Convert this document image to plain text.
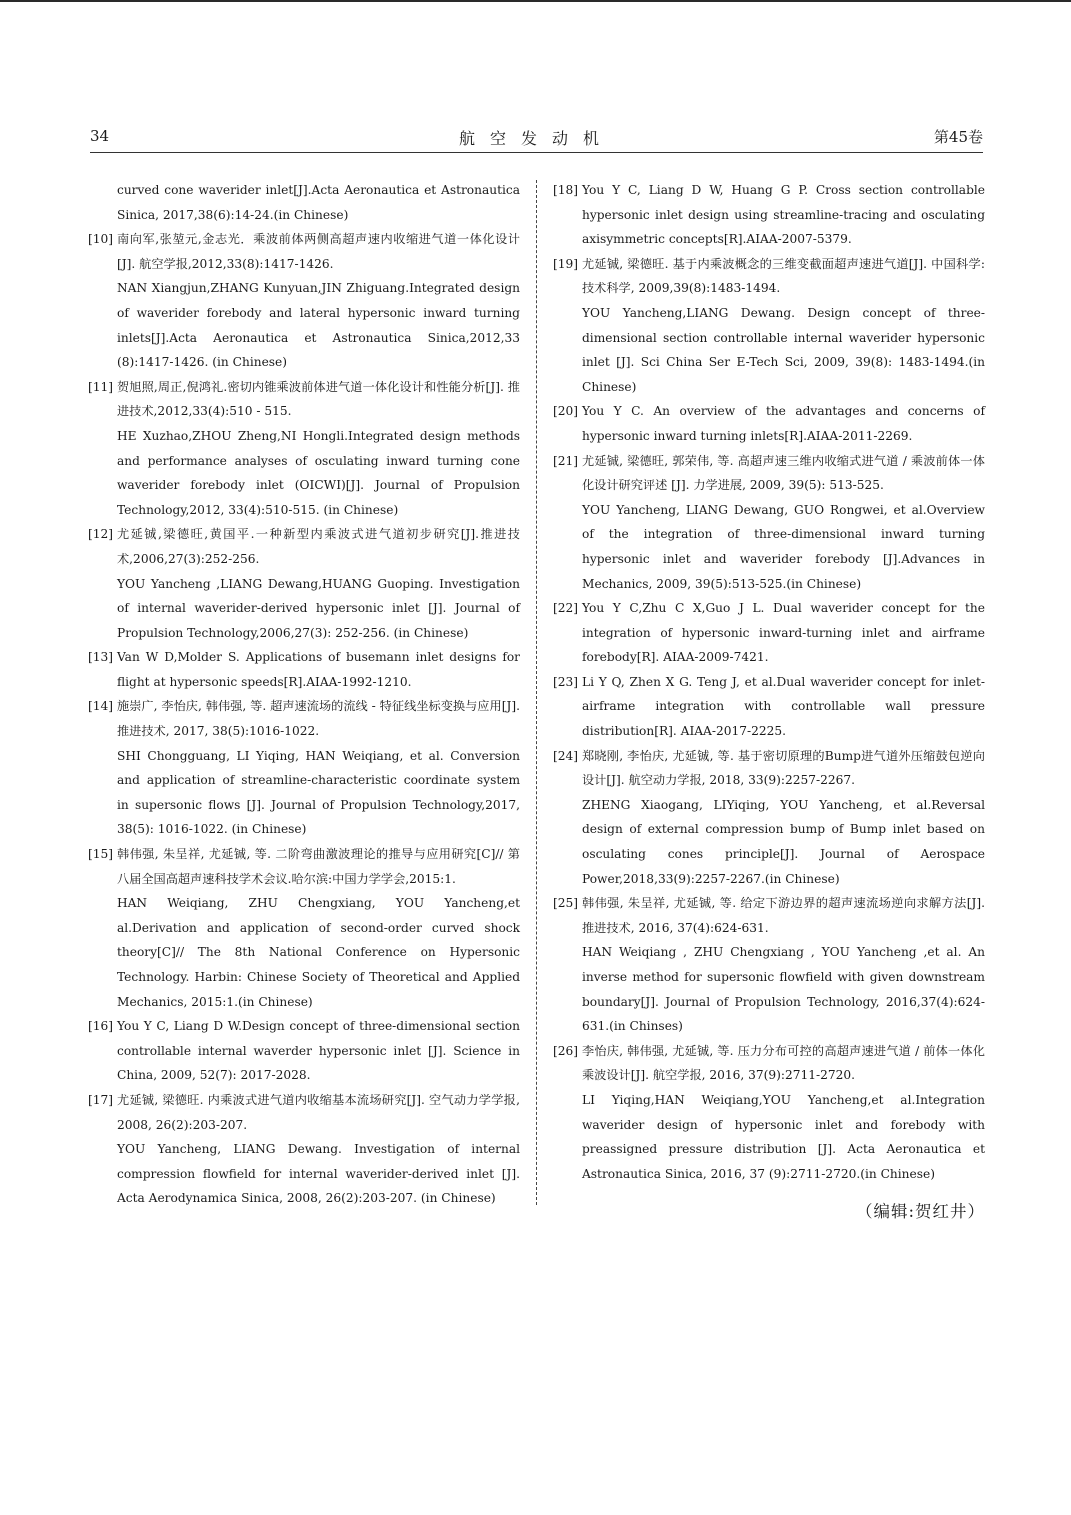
34	航空发动机	第45卷
curved cone waverider inlet[J].Acta Aeronautica et Astronautica Sinica, 2017,38(6):14-24.(in Chinese)
[10] 南向军,张堃元,金志光．乘波前体两侧高超声速内收缩进气道一体化设计[J]. 航空学报,2012,33(8):1417-1426.
NAN Xiangjun,ZHANG Kunyuan,JIN Zhiguang.Integrated design of waverider forebody and lateral hypersonic inward turning inlets[J].Acta Aeronautica et Astronautica Sinica,2012,33 (8):1417-1426. (in Chinese)
[11] 贺旭照,周正,倪鸿礼.密切内锥乘波前体进气道一体化设计和性能分析[J]. 推进技术,2012,33(4):510 - 515.
HE Xuzhao,ZHOU Zheng,NI Hongli.Integrated design methods and performance analyses of osculating inward turning cone waverider forebody inlet (OICWI)[J]. Journal of Propulsion Technology,2012, 33(4):510-515. (in Chinese)
[12] 尤延铖,梁德旺,黄国平.一种新型内乘波式进气道初步研究[J].推进技术,2006,27(3):252-256.
YOU Yancheng ,LIANG Dewang,HUANG Guoping. Investigation of internal waverider-derived hypersonic inlet [J]. Journal of Propulsion Technology,2006,27(3): 252-256. (in Chinese)
[13] Van W D,Molder S. Applications of busemann inlet designs for flight at hypersonic speeds[R].AIAA-1992-1210.
[14] 施崇广, 李怡庆, 韩伟强, 等. 超声速流场的流线 - 特征线坐标变换与应用[J]. 推进技术, 2017, 38(5):1016-1022.
SHI Chongguang, LI Yiqing, HAN Weiqiang, et al. Conversion and application of streamline-characteristic coordinate system in supersonic flows [J]. Journal of Propulsion Technology,2017, 38(5): 1016-1022. (in Chinese)
[15] 韩伟强, 朱呈祥, 尤延铖, 等. 二阶弯曲激波理论的推导与应用研究[C]// 第八届全国高超声速科技学术会议.哈尔滨:中国力学学会,2015:1.
HAN Weiqiang, ZHU Chengxiang, YOU Yancheng,et al.Derivation and application of second-order curved shock theory[C]// The 8th National Conference on Hypersonic Technology. Harbin: Chinese Society of Theoretical and Applied Mechanics, 2015:1.(in Chinese)
[16] You Y C, Liang D W.Design concept of three-dimensional section controllable internal waverder hypersonic inlet [J]. Science in China, 2009, 52(7): 2017-2028.
[17] 尤延铖, 梁德旺. 内乘波式进气道内收缩基本流场研究[J]. 空气动力学学报, 2008, 26(2):203-207.
YOU Yancheng, LIANG Dewang. Investigation of internal compression flowfield for internal waverider-derived inlet [J]. Acta Aerodynamica Sinica, 2008, 26(2):203-207. (in Chinese)
[18] You Y C, Liang D W, Huang G P. Cross section controllable hypersonic inlet design using streamline-tracing and osculating axisymmetric concepts[R].AIAA-2007-5379.
[19] 尤延铖, 梁德旺. 基于内乘波概念的三维变截面超声速进气道[J]. 中国科学:技术科学, 2009,39(8):1483-1494.
YOU Yancheng,LIANG Dewang. Design concept of three-dimensional section controllable internal waverider hypersonic inlet [J]. Sci China Ser E-Tech Sci, 2009, 39(8): 1483-1494.(in Chinese)
[20] You Y C. An overview of the advantages and concerns of hypersonic inward turning inlets[R].AIAA-2011-2269.
[21] 尤延铖, 梁德旺, 郭荣伟, 等. 高超声速三维内收缩式进气道 / 乘波前体一体化设计研究评述 [J]. 力学进展, 2009, 39(5): 513-525.
YOU Yancheng, LIANG Dewang, GUO Rongwei, et al.Overview of the integration of three-dimensional inward turning hypersonic inlet and waverider forebody [J].Advances in Mechanics, 2009, 39(5):513-525.(in Chinese)
[22] You Y C,Zhu C X,Guo J L. Dual waverider concept for the integration of hypersonic inward-turning inlet and airframe forebody[R]. AIAA-2009-7421.
[23] Li Y Q, Zhen X G. Teng J, et al.Dual waverider concept for inlet-airframe integration with controllable wall pressure distribution[R]. AIAA-2017-2225.
[24] 郑晓刚, 李怡庆, 尤延铖, 等. 基于密切原理的Bump进气道外压缩鼓包逆向设计[J]. 航空动力学报, 2018, 33(9):2257-2267.
ZHENG Xiaogang, LIYiqing, YOU Yancheng, et al.Reversal design of external compression bump of Bump inlet based on osculating cones principle[J]. Journal of Aerospace Power,2018,33(9):2257-2267.(in Chinese)
[25] 韩伟强, 朱呈祥, 尤延铖, 等. 给定下游边界的超声速流场逆向求解方法[J]. 推进技术, 2016, 37(4):624-631.
HAN Weiqiang , ZHU Chengxiang , YOU Yancheng ,et al. An inverse method for supersonic flowfield with given downstream boundary[J]. Journal of Propulsion Technology, 2016,37(4):624-631.(in Chinses)
[26] 李怡庆, 韩伟强, 尤延铖, 等. 压力分布可控的高超声速进气道 / 前体一体化乘波设计[J]. 航空学报, 2016, 37(9):2711-2720.
LI Yiqing,HAN Weiqiang,YOU Yancheng,et al.Integration waverider design of hypersonic inlet and forebody with preassigned pressure distribution [J]. Acta Aeronautica et Astronautica Sinica, 2016, 37 (9):2711-2720.(in Chinese)
（编辑:贺红井）
